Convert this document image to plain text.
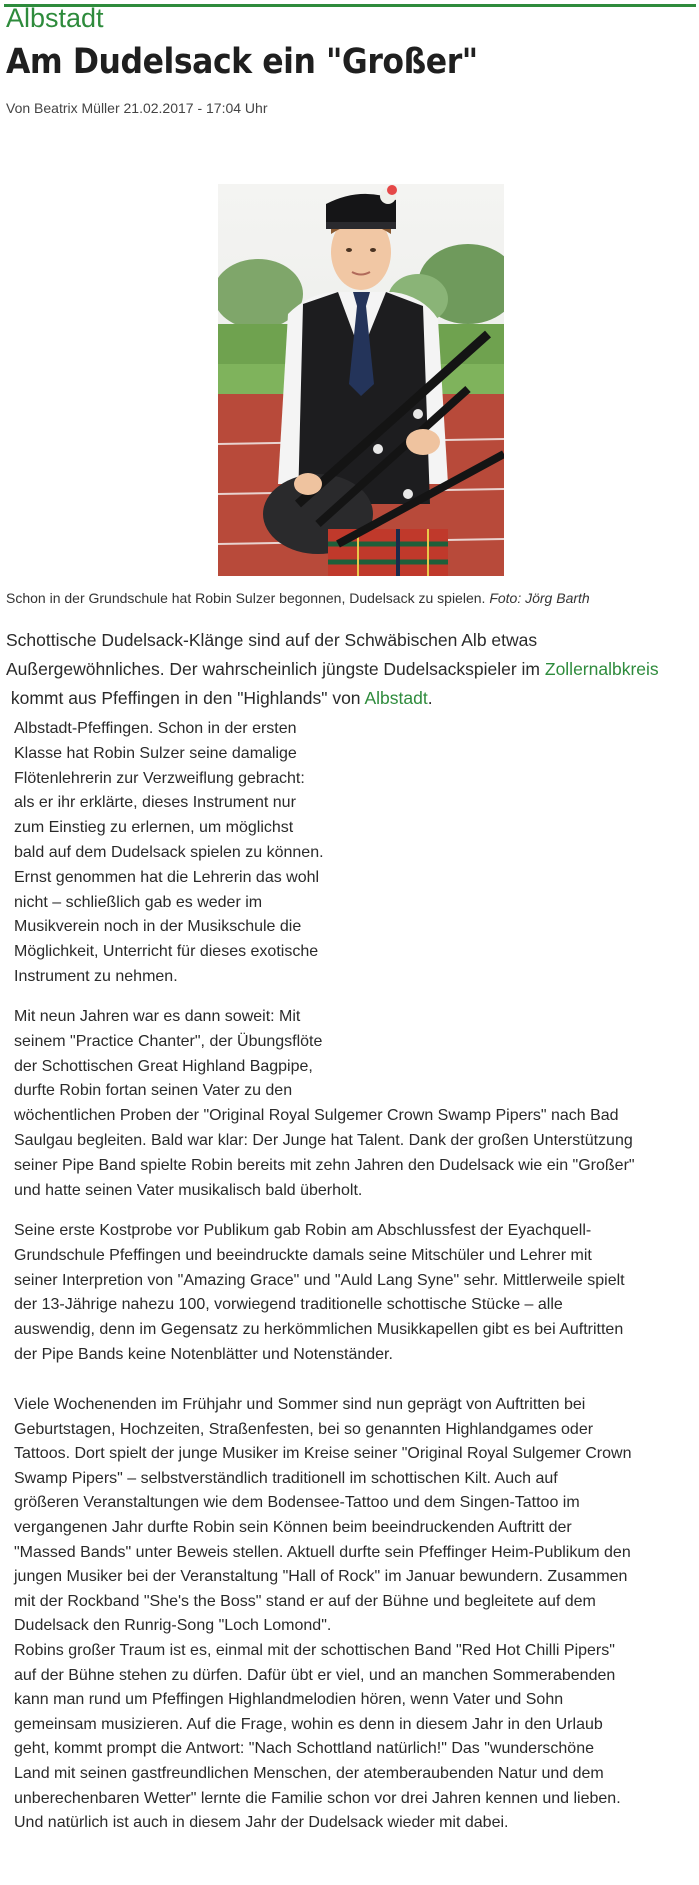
Albstadt
Am Dudelsack ein "Großer"
Von Beatrix Müller 21.02.2017 - 17:04 Uhr
Schon in der Grundschule hat Robin Sulzer begonnen, Dudelsack zu spielen. Foto: Jörg Barth

Schottische Dudelsack-Klänge sind auf der Schwäbischen Alb etwas

Außergewöhnliches. Der wahrscheinlich jüngste Dudelsackspieler im Zollernalbkreis

kommt aus Pfeffingen in den "Highlands" von Albstadt.

Albstadt-Pfeffingen. Schon in der ersten
Klasse hat Robin Sulzer seine damalige
Flötenlehrerin zur Verzweiflung gebracht:
als er ihr erklärte, dieses Instrument nur
zum Einstieg zu erlernen, um möglichst
bald auf dem Dudelsack spielen zu können.
Ernst genommen hat die Lehrerin das wohl
nicht – schließlich gab es weder im
Musikverein noch in der Musikschule die
Möglichkeit, Unterricht für dieses exotische
Instrument zu nehmen.
Mit neun Jahren war es dann soweit: Mit
seinem "Practice Chanter", der Übungsflöte
der Schottischen Great Highland Bagpipe,
durfte Robin fortan seinen Vater zu den
wöchentlichen Proben der "Original Royal Sulgemer Crown Swamp Pipers" nach Bad
Saulgau begleiten. Bald war klar: Der Junge hat Talent. Dank der großen Unterstützung
seiner Pipe Band spielte Robin bereits mit zehn Jahren den Dudelsack wie ein "Großer"
und hatte seinen Vater musikalisch bald überholt.
Seine erste Kostprobe vor Publikum gab Robin am Abschlussfest der Eyachquell-
Grundschule Pfeffingen und beeindruckte damals seine Mitschüler und Lehrer mit
seiner Interpretion von "Amazing Grace" und "Auld Lang Syne" sehr. Mittlerweile spielt
der 13-Jährige nahezu 100, vorwiegend traditionelle schottische Stücke – alle
auswendig, denn im Gegensatz zu herkömmlichen Musikkapellen gibt es bei Auftritten
der Pipe Bands keine Notenblätter und Notenständer.
Viele Wochenenden im Frühjahr und Sommer sind nun geprägt von Auftritten bei
Geburtstagen, Hochzeiten, Straßenfesten, bei so genannten Highlandgames oder
Tattoos. Dort spielt der junge Musiker im Kreise seiner "Original Royal Sulgemer Crown
Swamp Pipers" – selbstverständlich traditionell im schottischen Kilt. Auch auf
größeren Veranstaltungen wie dem Bodensee-Tattoo und dem Singen-Tattoo im
vergangenen Jahr durfte Robin sein Können beim beeindruckenden Auftritt der
"Massed Bands" unter Beweis stellen. Aktuell durfte sein Pfeffinger Heim-Publikum den
jungen Musiker bei der Veranstaltung "Hall of Rock" im Januar bewundern. Zusammen
mit der Rockband "She's the Boss" stand er auf der Bühne und begleitete auf dem
Dudelsack den Runrig-Song "Loch Lomond".
Robins großer Traum ist es, einmal mit der schottischen Band "Red Hot Chilli Pipers"
auf der Bühne stehen zu dürfen. Dafür übt er viel, und an manchen Sommerabenden
kann man rund um Pfeffingen Highlandmelodien hören, wenn Vater und Sohn
gemeinsam musizieren. Auf die Frage, wohin es denn in diesem Jahr in den Urlaub
geht, kommt prompt die Antwort: "Nach Schottland natürlich!" Das "wunderschöne
Land mit seinen gastfreundlichen Menschen, der atemberaubenden Natur und dem
unberechenbaren Wetter" lernte die Familie schon vor drei Jahren kennen und lieben.
Und natürlich ist auch in diesem Jahr der Dudelsack wieder mit dabei.
